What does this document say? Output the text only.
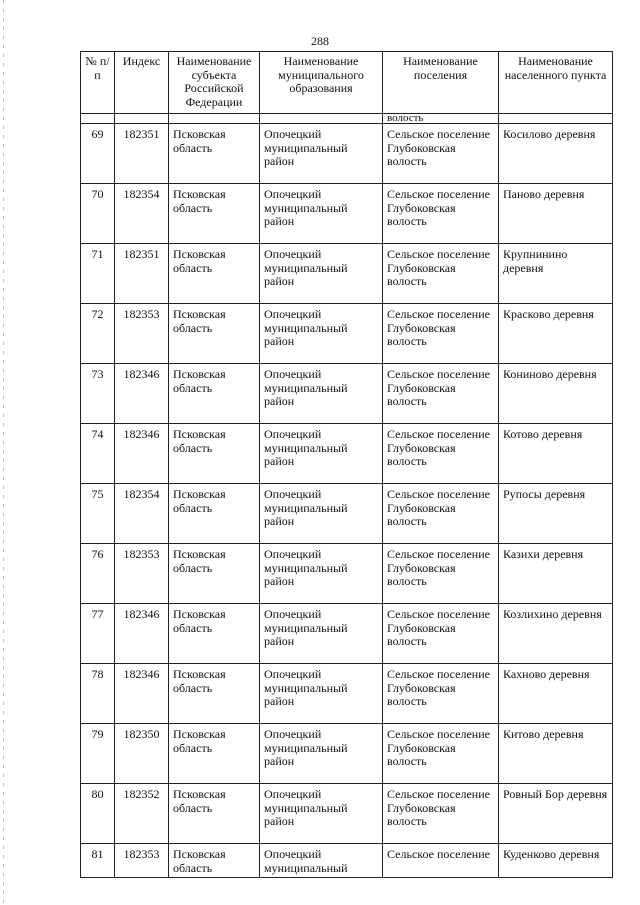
288
№ п/п	Индекс	Наименование субъекта Российской Федерации	Наименование муниципального образования	Наименование поселения	Наименование населенного пункта
				волость	

69	182351	Псковская область	Опочецкий муниципальный район	Сельское поселение Глубоковская волость	Косилово деревня

70	182354	Псковская область	Опочецкий муниципальный район	Сельское поселение Глубоковская волость	Паново деревня

71	182351	Псковская область	Опочецкий муниципальный район	Сельское поселение Глубоковская волость	Крупнинино деревня

72	182353	Псковская область	Опочецкий муниципальный район	Сельское поселение Глубоковская волость	Красково деревня

73	182346	Псковская область	Опочецкий муниципальный район	Сельское поселение Глубоковская волость	Кониново деревня

74	182346	Псковская область	Опочецкий муниципальный район	Сельское поселение Глубоковская волость	Котово деревня

75	182354	Псковская область	Опочецкий муниципальный район	Сельское поселение Глубоковская волость	Рупосы деревня

76	182353	Псковская область	Опочецкий муниципальный район	Сельское поселение Глубоковская волость	Казихи деревня

77	182346	Псковская область	Опочецкий муниципальный район	Сельское поселение Глубоковская волость	Козлихино деревня

78	182346	Псковская область	Опочецкий муниципальный район	Сельское поселение Глубоковская волость	Кахново деревня

79	182350	Псковская область	Опочецкий муниципальный район	Сельское поселение Глубоковская волость	Китово деревня

80	182352	Псковская область	Опочецкий муниципальный район	Сельское поселение Глубоковская волость	Ровный Бор деревня

81	182353	Псковская область	Опочецкий муниципальный	Сельское поселение	Куденково деревня
